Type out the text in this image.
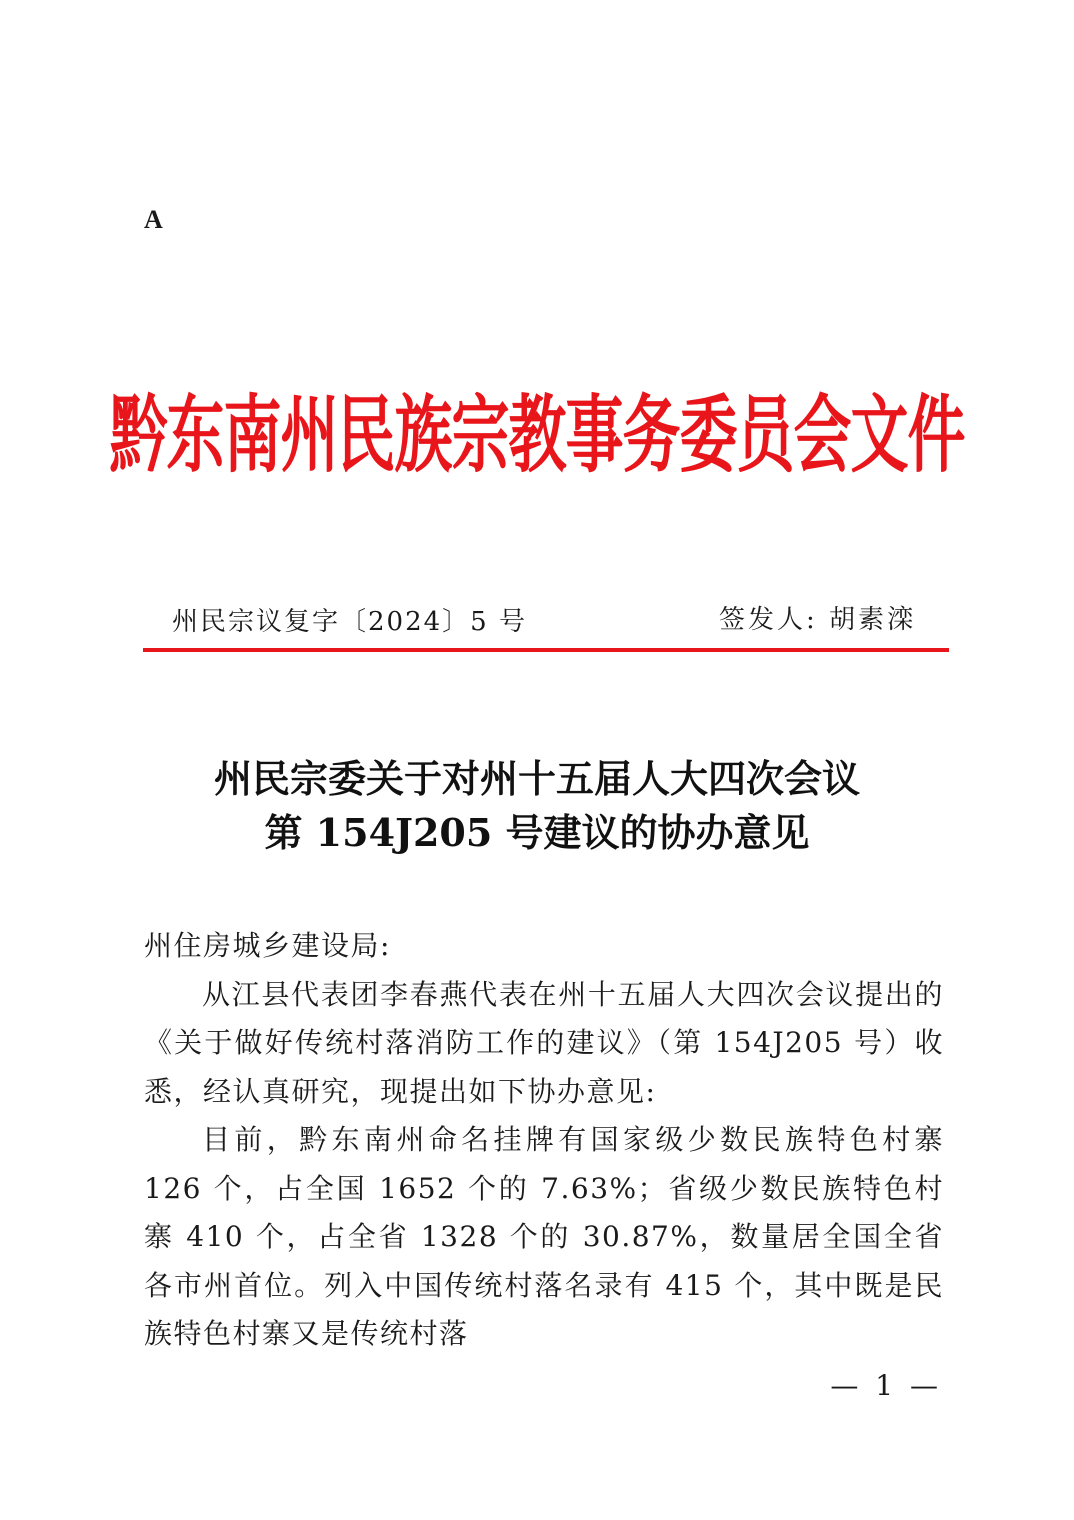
A
黔东南州民族宗教事务委员会文件
州民宗议复字〔2024〕5 号	签发人: 胡素滦
州民宗委关于对州十五届人大四次会议
第 154J205 号建议的协办意见

州住房城乡建设局:

从江县代表团李春燕代表在州十五届人大四次会议提出的《关于做好传统村落消防工作的建议》（第 154J205 号）收悉，经认真研究，现提出如下协办意见:

目前，黔东南州命名挂牌有国家级少数民族特色村寨 126 个，占全国 1652 个的 7.63%；省级少数民族特色村寨 410 个，占全省 1328 个的 30.87%，数量居全国全省各市州首位。列入中国传统村落名录有 415 个，其中既是民族特色村寨又是传统村落

— 1 —
